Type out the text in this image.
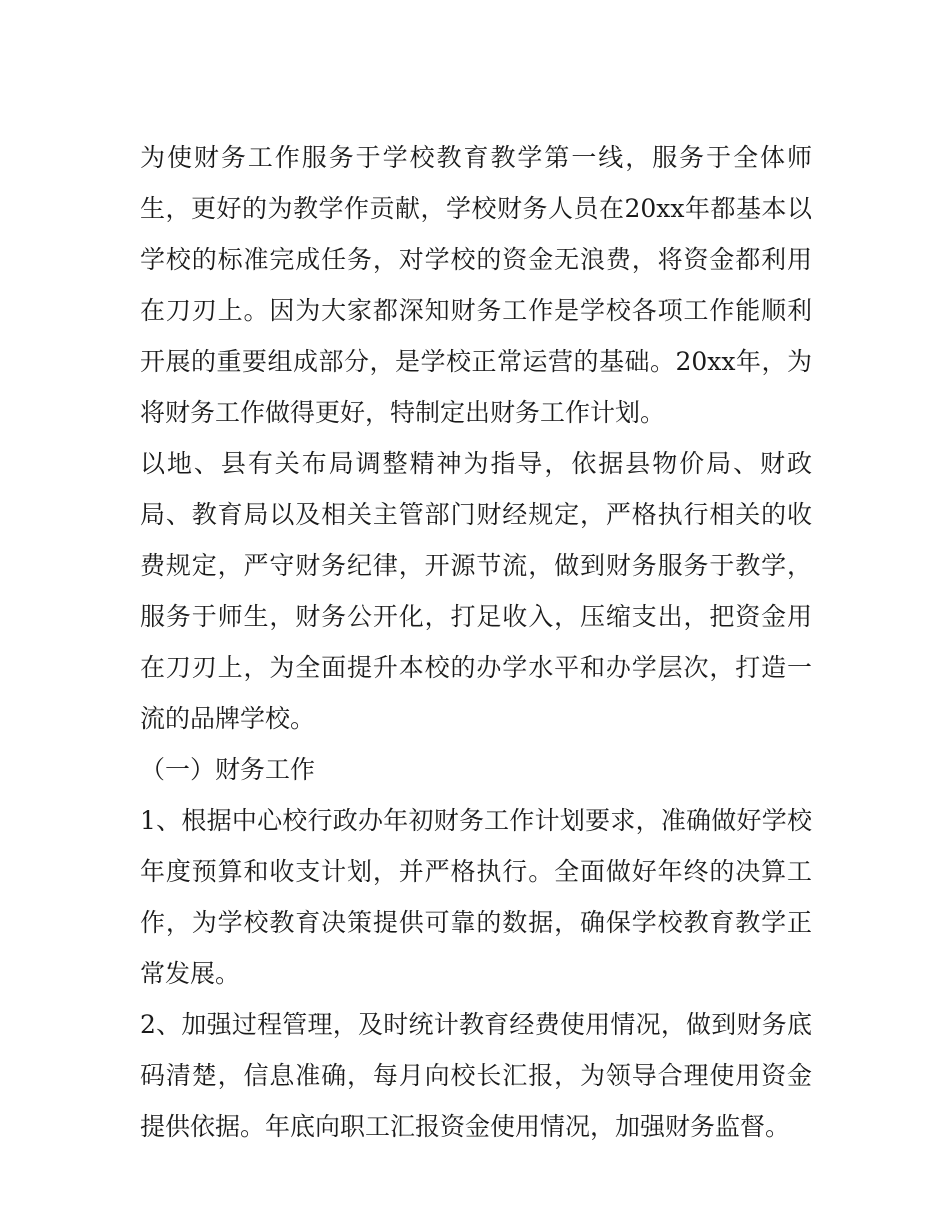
为使财务工作服务于学校教育教学第一线，服务于全体师生，更好的为教学作贡献，学校财务人员在20xx年都基本以学校的标准完成任务，对学校的资金无浪费，将资金都利用在刀刃上。因为大家都深知财务工作是学校各项工作能顺利开展的重要组成部分，是学校正常运营的基础。20xx年，为将财务工作做得更好，特制定出财务工作计划。

以地、县有关布局调整精神为指导，依据县物价局、财政局、教育局以及相关主管部门财经规定，严格执行相关的收费规定，严守财务纪律，开源节流，做到财务服务于教学，服务于师生，财务公开化，打足收入，压缩支出，把资金用在刀刃上，为全面提升本校的办学水平和办学层次，打造一流的品牌学校。

（一）财务工作

1、根据中心校行政办年初财务工作计划要求，准确做好学校年度预算和收支计划，并严格执行。全面做好年终的决算工作，为学校教育决策提供可靠的数据，确保学校教育教学正常发展。

2、加强过程管理，及时统计教育经费使用情况，做到财务底码清楚，信息准确，每月向校长汇报，为领导合理使用资金提供依据。年底向职工汇报资金使用情况，加强财务监督。
